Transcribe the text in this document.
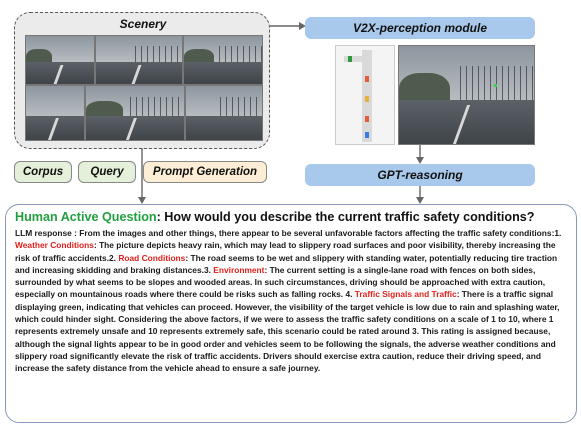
Scenery	V2X-perception module
GPT-reasoning
Corpus	Query	Prompt Generation
Human Active Question: How would you describe the current traffic safety conditions?
LLM response : From the images and other things, there appear to be several unfavorable factors affecting the traffic safety conditions:1. Weather Conditions: The picture depicts heavy rain, which may lead to slippery road surfaces and poor visibility, thereby increasing the risk of traffic accidents.2. Road Conditions: The road seems to be wet and slippery with standing water, potentially reducing tire traction and increasing skidding and braking distances.3. Environment: The current setting is a single-lane road with fences on both sides, surrounded by what seems to be slopes and wooded areas. In such circumstances, driving should be approached with extra caution, especially on mountainous roads where there could be risks such as falling rocks. 4. Traffic Signals and Traffic: There is a traffic signal displaying green, indicating that vehicles can proceed. However, the visibility of the target vehicle is low due to rain and splashing water, which could hinder sight. Considering the above factors, if we were to assess the traffic safety conditions on a scale of 1 to 10, where 1 represents extremely unsafe and 10 represents extremely safe, this scenario could be rated around 3. This rating is assigned because, although the signal lights appear to be in good order and vehicles seem to be following the signals, the adverse weather conditions and slippery road significantly elevate the risk of traffic accidents. Drivers should exercise extra caution, reduce their driving speed, and increase the safety distance from the vehicle ahead to ensure a safe journey.
